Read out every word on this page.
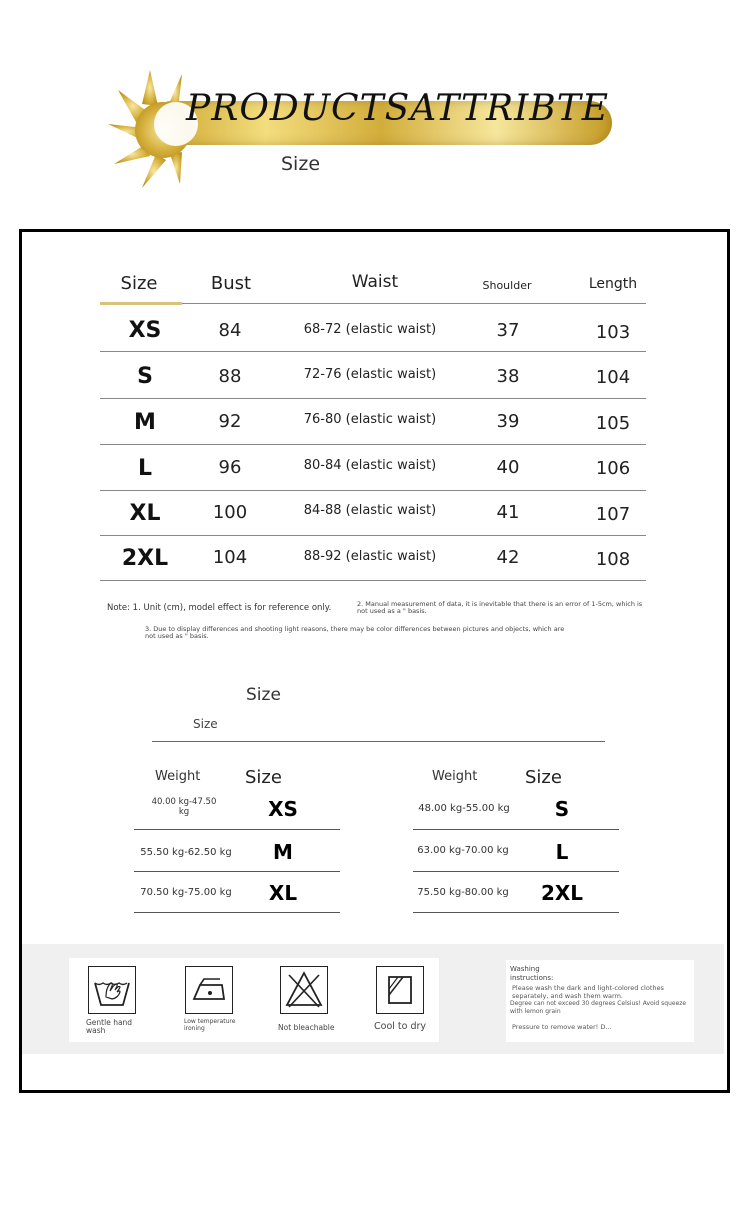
PRODUCTSATTRIBTE
Size
Size	Bust	Waist	Shoulder	Length
XS	84	68-72 (elastic waist)	37	103
S	88	72-76 (elastic waist)	38	104
M	92	76-80 (elastic waist)	39	105
L	96	80-84 (elastic waist)	40	106
XL	100	84-88 (elastic waist)	41	107
2XL	104	88-92 (elastic waist)	42	108
Note: 1. Unit (cm), model effect is for reference only.	2. Manual measurement of data, it is inevitable that there is an error of 1-5cm, which is not used as a " basis.
3. Due to display differences and shooting light reasons, there may be color differences between pictures and objects, which are not used as " basis.
Size
Size
Weight Size
40.00 kg-47.50 kg	XS
55.50 kg-62.50 kg	M
70.50 kg-75.00 kg	XL
Weight	Size
48.00 kg-55.00 kg	S
63.00 kg-70.00 kg	L
75.50 kg-80.00 kg	2XL
Gentle hand wash
Low temperature ironing	Not bleachable	Cool to dry
Washing instructions:
Please wash the dark and light-colored clothes separately, and wash them warm.
Degree can not exceed 30 degrees Celsius! Avoid squeeze with lemon grain
Pressure to remove water! D...
